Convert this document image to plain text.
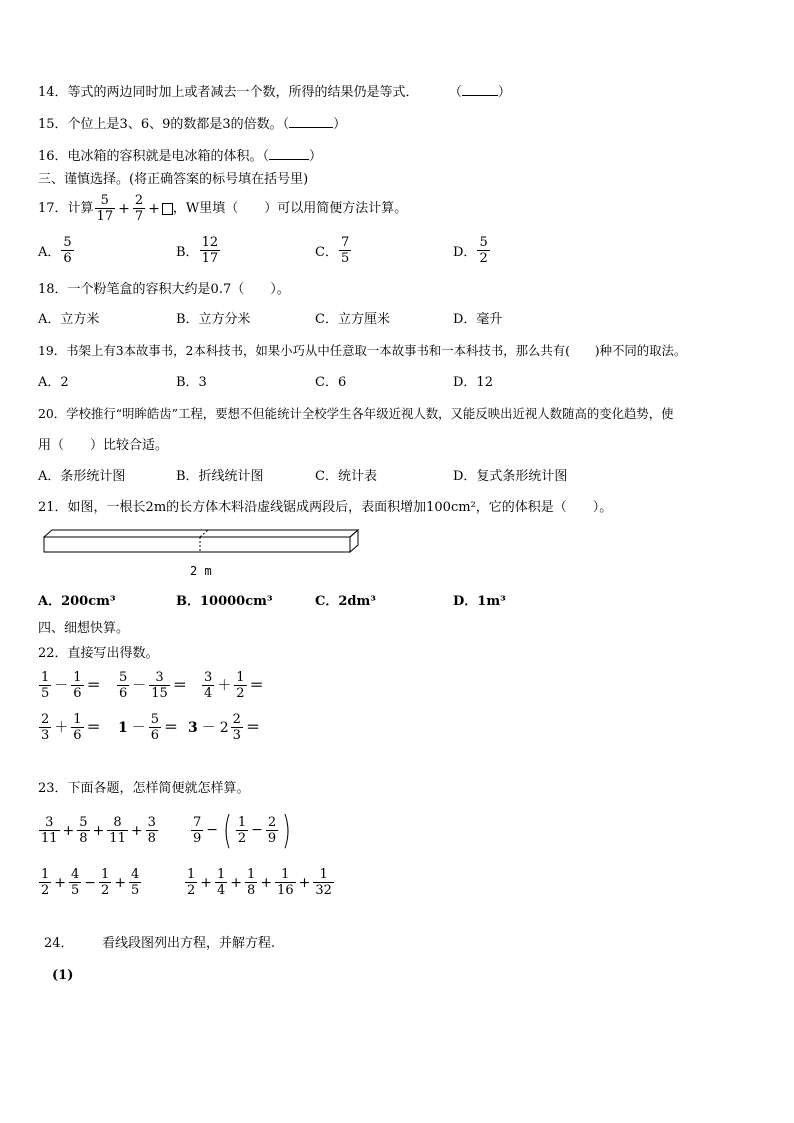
14．等式的两边同时加上或者减去一个数，所得的结果仍是等式． （	）
15．个位上是3、6、9的数都是3的倍数。（	）
16．电冰箱的容积就是电冰箱的体积。（	）
三、谨慎选择。(将正确答案的标号填在括号里)
17．计算 $\frac{5}{17} + \frac{2}{7}$ + ，W里填（　　）可以用简便方法计算。
A． $\frac{5}{6}$	B． $\frac{12}{17}$	C． $\frac{7}{5}$	D． $\frac{5}{2}$
18．一个粉笔盒的容积大约是0.7（　　）。
A．立方米	B．立方分米	C．立方厘米	D．毫升
19．书架上有3本故事书，2本科技书，如果小巧从中任意取一本故事书和一本科技书，那么共有(　　)种不同的取法。
A．2	B．3	C．6	D．12
20．学校推行“明眸皓齿”工程，要想不但能统计全校学生各年级近视人数，又能反映出近视人数随高的变化趋势，使
用（　　）比较合适。
A．条形统计图	B．折线统计图	C．统计表	D．复式条形统计图
21．如图，一根长2m的长方体木料沿虚线锯成两段后，表面积增加100cm²，它的体积是（　　）。
2 m
A．200cm³	B．10000cm³	C．2dm³	D．1m³
四、细想快算。
22．直接写出得数。
$\frac{1}{5} - \frac{1}{6} = \frac{5}{6} - \frac{3}{15} = \frac{3}{4} + \frac{1}{2}$ ＝
$\frac{2}{3} + \frac{1}{6} = 1 - \frac{5}{6} = 3 - 2 \frac{2}{3}$ ＝
23．下面各题，怎样简便就怎样算。
$\frac{3}{11} + \frac{5}{8} + \frac{8}{11} + \frac{3}{8}$	$\frac{7}{9}$ − ( $\frac{1}{2} - \frac{2}{9}$ )
$\frac{1}{2} + \frac{4}{5} - \frac{1}{2} + \frac{4}{5}$	$\frac{1}{2} + \frac{1}{4} + \frac{1}{8} + \frac{1}{16} + \frac{1}{32}$
24． 看线段图列出方程，并解方程.
(1)
